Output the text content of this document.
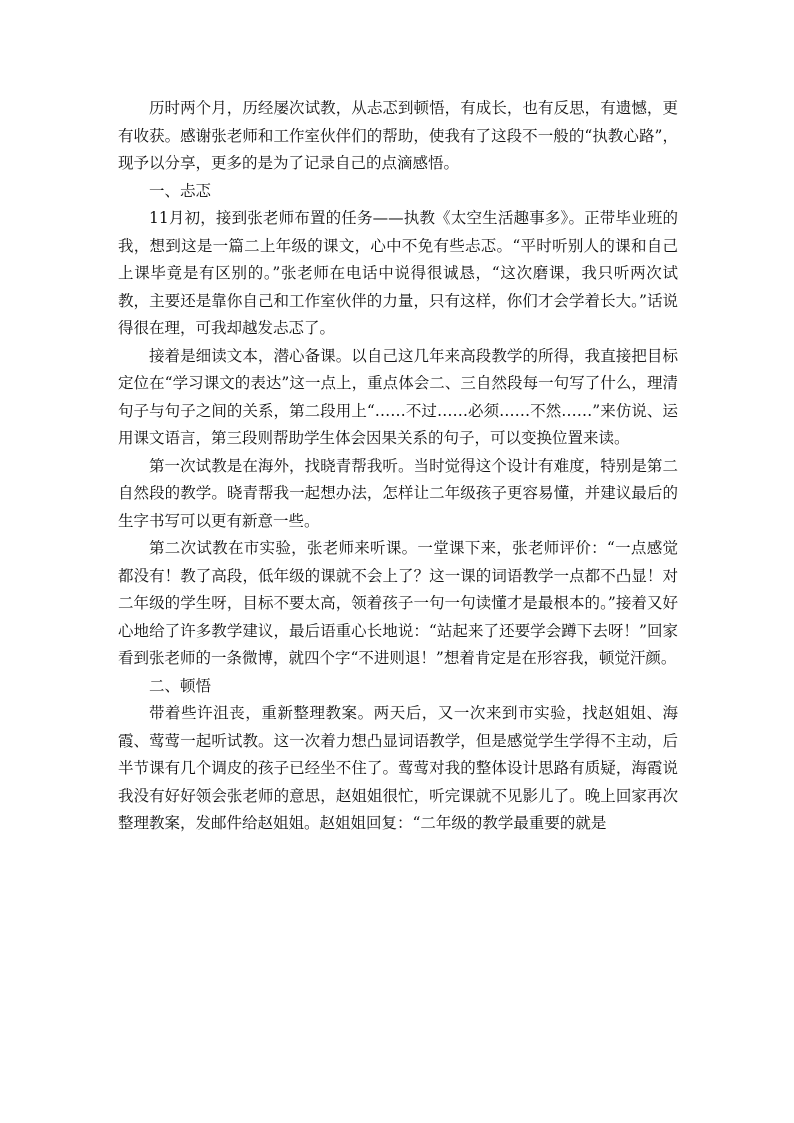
历时两个月，历经屡次试教，从忐忑到顿悟，有成长，也有反思，有遗憾，更有收获。感谢张老师和工作室伙伴们的帮助，使我有了这段不一般的“执教心路”，现予以分享，更多的是为了记录自己的点滴感悟。

一、忐忑

11月初，接到张老师布置的任务——执教《太空生活趣事多》。正带毕业班的我，想到这是一篇二上年级的课文，心中不免有些忐忑。“平时听别人的课和自己上课毕竟是有区别的。”张老师在电话中说得很诚恳，“这次磨课，我只听两次试教，主要还是靠你自己和工作室伙伴的力量，只有这样，你们才会学着长大。”话说得很在理，可我却越发忐忑了。

接着是细读文本，潜心备课。以自己这几年来高段教学的所得，我直接把目标定位在“学习课文的表达”这一点上，重点体会二、三自然段每一句写了什么，理清句子与句子之间的关系，第二段用上“……不过……必须……不然……”来仿说、运用课文语言，第三段则帮助学生体会因果关系的句子，可以变换位置来读。

第一次试教是在海外，找晓青帮我听。当时觉得这个设计有难度，特别是第二自然段的教学。晓青帮我一起想办法，怎样让二年级孩子更容易懂，并建议最后的生字书写可以更有新意一些。

第二次试教在市实验，张老师来听课。一堂课下来，张老师评价：“一点感觉都没有！教了高段，低年级的课就不会上了？这一课的词语教学一点都不凸显！对二年级的学生呀，目标不要太高，领着孩子一句一句读懂才是最根本的。”接着又好心地给了许多教学建议，最后语重心长地说：“站起来了还要学会蹲下去呀！”回家看到张老师的一条微博，就四个字“不进则退！”想着肯定是在形容我，顿觉汗颜。

二、顿悟

带着些许沮丧，重新整理教案。两天后，又一次来到市实验，找赵姐姐、海霞、莺莺一起听试教。这一次着力想凸显词语教学，但是感觉学生学得不主动，后半节课有几个调皮的孩子已经坐不住了。莺莺对我的整体设计思路有质疑，海霞说我没有好好领会张老师的意思，赵姐姐很忙，听完课就不见影儿了。晚上回家再次整理教案，发邮件给赵姐姐。赵姐姐回复：“二年级的教学最重要的就是
